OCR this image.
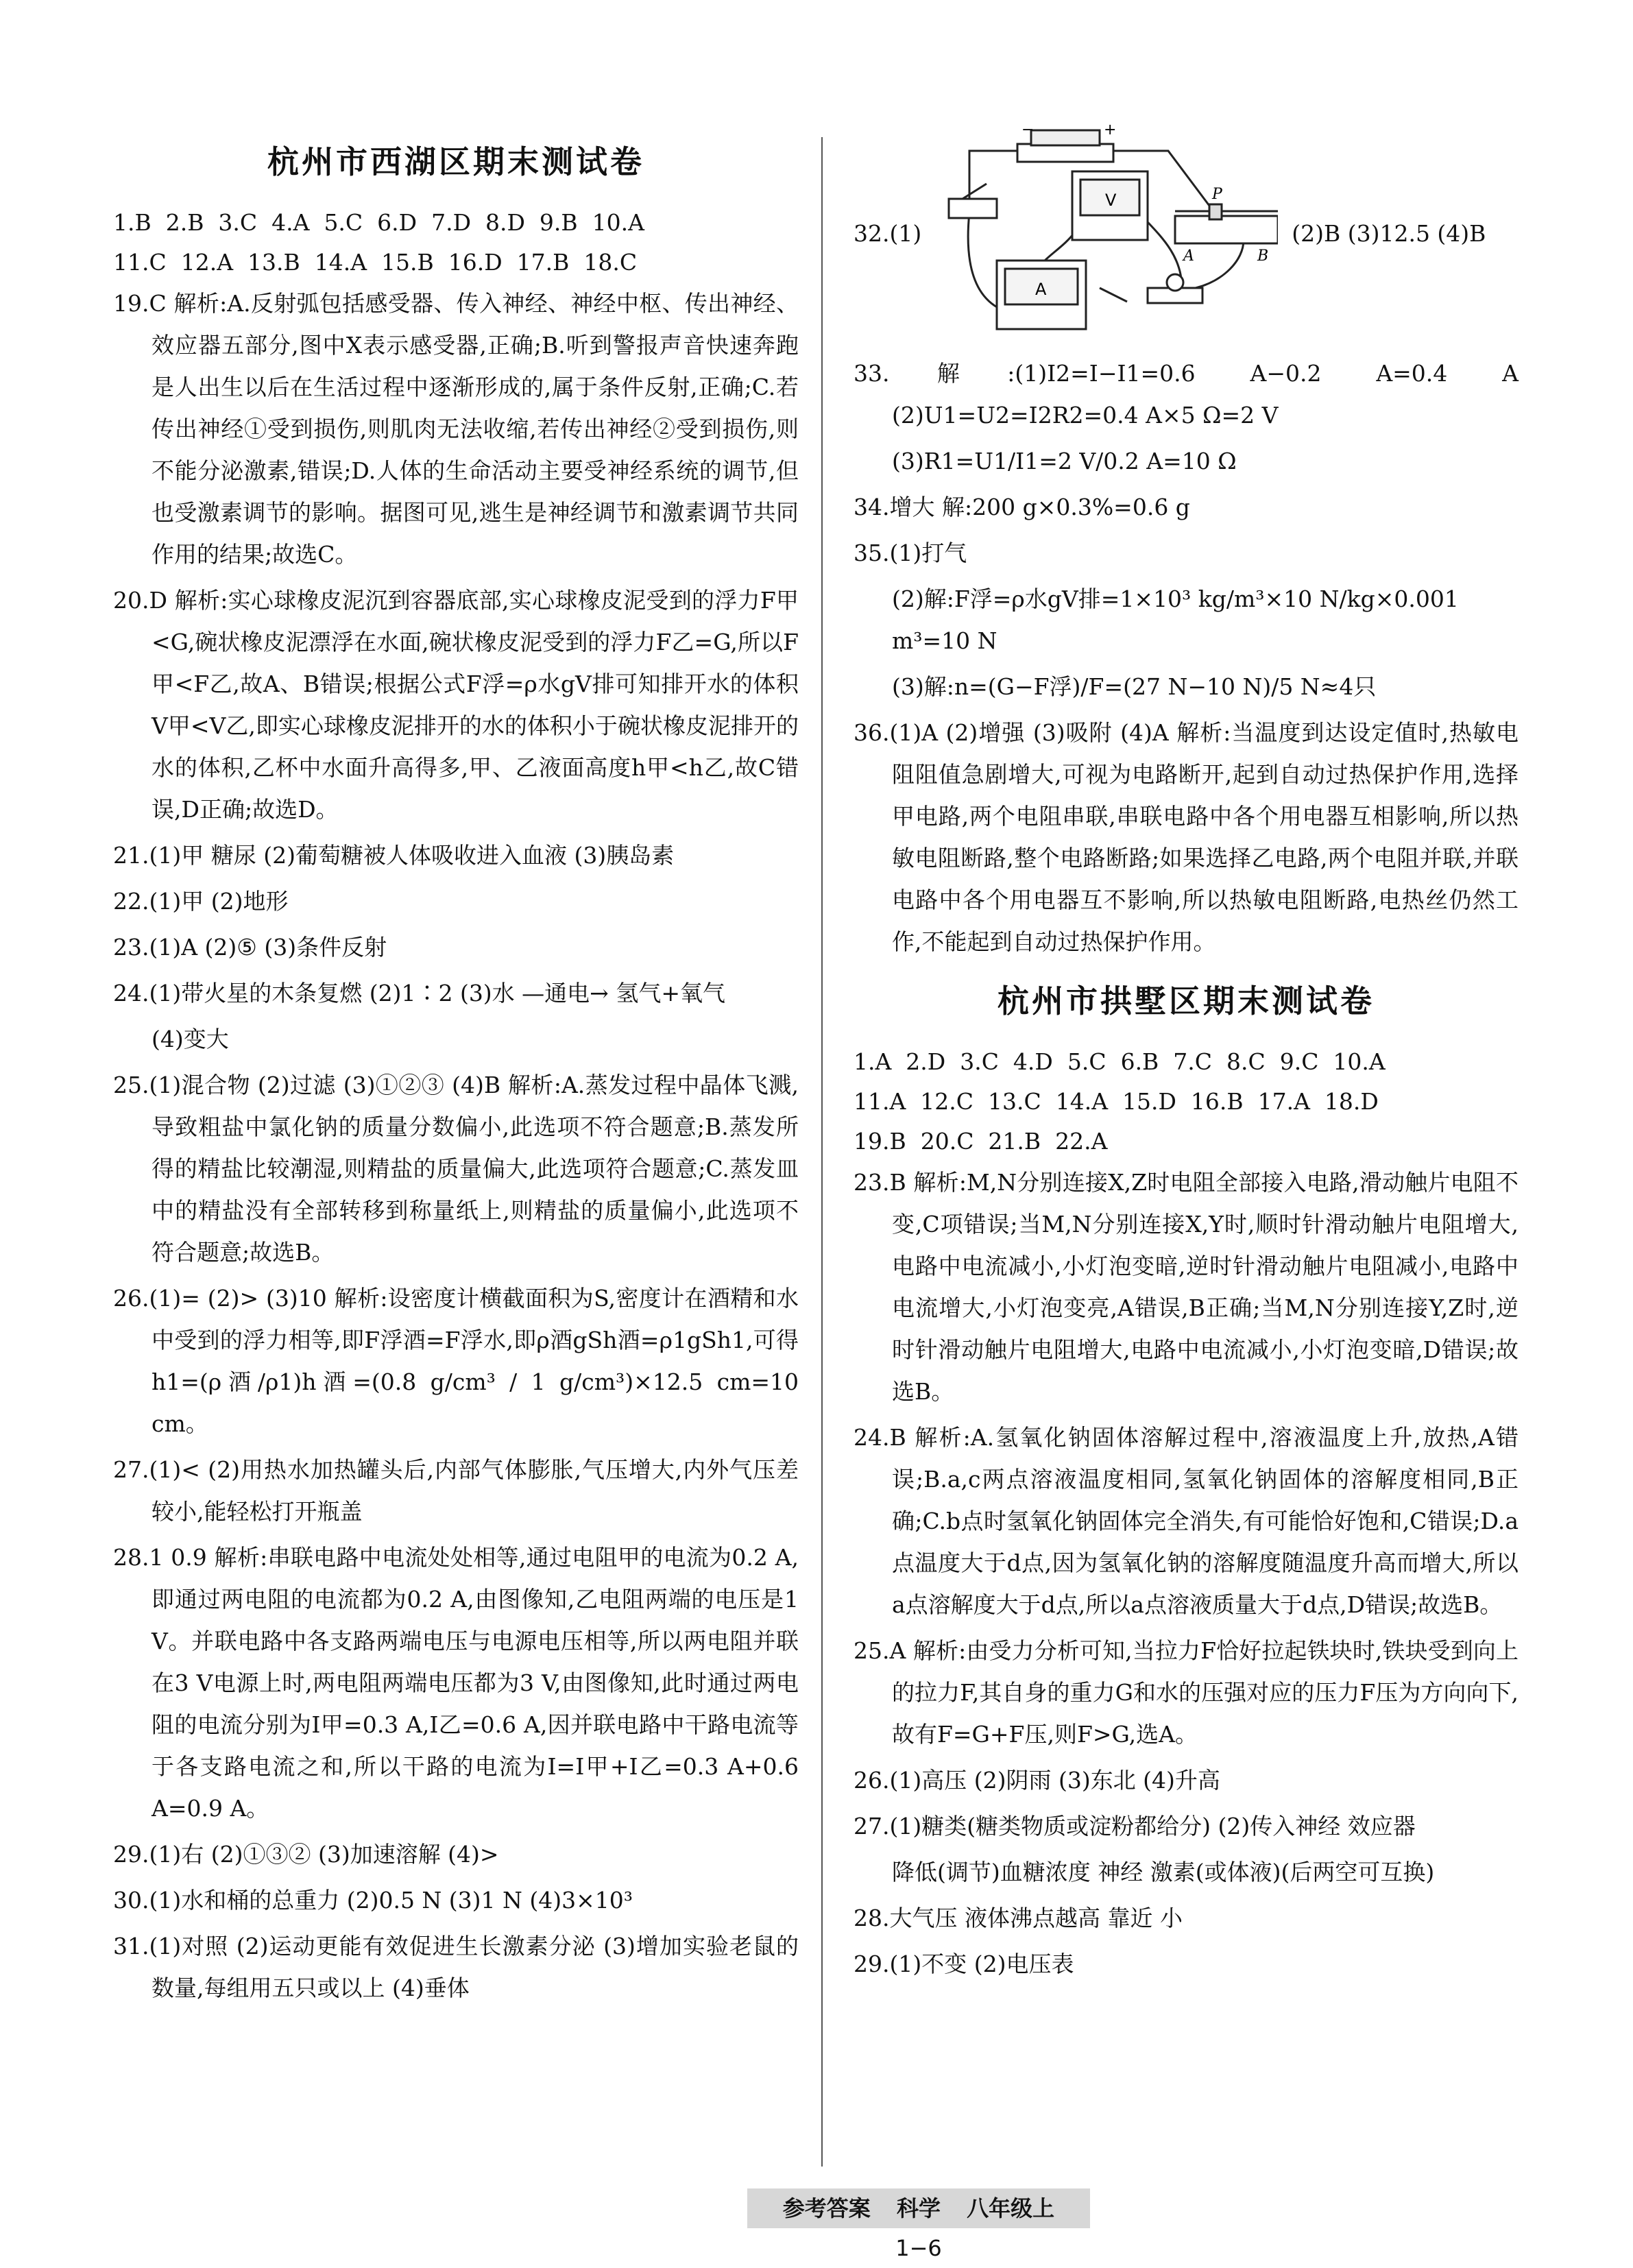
杭州市西湖区期末测试卷

1.B  2.B  3.C  4.A  5.C  6.D  7.D  8.D  9.B  10.A

11.C  12.A  13.B  14.A  15.B  16.D  17.B  18.C

19.C 解析:A.反射弧包括感受器、传入神经、神经中枢、传出神经、效应器五部分,图中X表示感受器,正确;B.听到警报声音快速奔跑是人出生以后在生活过程中逐渐形成的,属于条件反射,正确;C.若传出神经①受到损伤,则肌肉无法收缩,若传出神经②受到损伤,则不能分泌激素,错误;D.人体的生命活动主要受神经系统的调节,但也受激素调节的影响。据图可见,逃生是神经调节和激素调节共同作用的结果;故选C。

20.D 解析:实心球橡皮泥沉到容器底部,实心球橡皮泥受到的浮力F甲<G,碗状橡皮泥漂浮在水面,碗状橡皮泥受到的浮力F乙=G,所以F甲<F乙,故A、B错误;根据公式F浮=ρ水gV排可知排开水的体积V甲<V乙,即实心球橡皮泥排开的水的体积小于碗状橡皮泥排开的水的体积,乙杯中水面升高得多,甲、乙液面高度h甲<h乙,故C错误,D正确;故选D。

21.(1)甲 糖尿 (2)葡萄糖被人体吸收进入血液 (3)胰岛素

22.(1)甲 (2)地形

23.(1)A (2)⑤ (3)条件反射

24.(1)带火星的木条复燃 (2)1∶2 (3)水 —通电→ 氢气+氧气

(4)变大

25.(1)混合物 (2)过滤 (3)①②③ (4)B 解析:A.蒸发过程中晶体飞溅,导致粗盐中氯化钠的质量分数偏小,此选项不符合题意;B.蒸发所得的精盐比较潮湿,则精盐的质量偏大,此选项符合题意;C.蒸发皿中的精盐没有全部转移到称量纸上,则精盐的质量偏小,此选项不符合题意;故选B。

26.(1)= (2)> (3)10 解析:设密度计横截面积为S,密度计在酒精和水中受到的浮力相等,即F浮酒=F浮水,即ρ酒gSh酒=ρ1gSh1,可得h1=(ρ酒/ρ1)h酒=(0.8 g/cm³ / 1 g/cm³)×12.5 cm=10 cm。

27.(1)< (2)用热水加热罐头后,内部气体膨胀,气压增大,内外气压差较小,能轻松打开瓶盖

28.1 0.9 解析:串联电路中电流处处相等,通过电阻甲的电流为0.2 A,即通过两电阻的电流都为0.2 A,由图像知,乙电阻两端的电压是1 V。并联电路中各支路两端电压与电源电压相等,所以两电阻并联在3 V电源上时,两电阻两端电压都为3 V,由图像知,此时通过两电阻的电流分别为I甲=0.3 A,I乙=0.6 A,因并联电路中干路电流等于各支路电流之和,所以干路的电流为I=I甲+I乙=0.3 A+0.6 A=0.9 A。

29.(1)右 (2)①③② (3)加速溶解 (4)>

30.(1)水和桶的总重力 (2)0.5 N (3)1 N (4)3×10³

31.(1)对照 (2)运动更能有效促进生长激素分泌 (3)增加实验老鼠的数量,每组用五只或以上 (4)垂体

32.(1)
+
−
V
A
P
A	B
(2)B (3)12.5 (4)B

33.解:(1)I2=I−I1=0.6 A−0.2 A=0.4 A (2)U1=U2=I2R2=0.4 A×5 Ω=2 V

(3)R1=U1/I1=2 V/0.2 A=10 Ω

34.增大 解:200 g×0.3%=0.6 g

35.(1)打气

(2)解:F浮=ρ水gV排=1×10³ kg/m³×10 N/kg×0.001 m³=10 N

(3)解:n=(G−F浮)/F=(27 N−10 N)/5 N≈4只

36.(1)A (2)增强 (3)吸附 (4)A 解析:当温度到达设定值时,热敏电阻阻值急剧增大,可视为电路断开,起到自动过热保护作用,选择甲电路,两个电阻串联,串联电路中各个用电器互相影响,所以热敏电阻断路,整个电路断路;如果选择乙电路,两个电阻并联,并联电路中各个用电器互不影响,所以热敏电阻断路,电热丝仍然工作,不能起到自动过热保护作用。

杭州市拱墅区期末测试卷

1.A  2.D  3.C  4.D  5.C  6.B  7.C  8.C  9.C  10.A

11.A  12.C  13.C  14.A  15.D  16.B  17.A  18.D

19.B  20.C  21.B  22.A

23.B 解析:M,N分别连接X,Z时电阻全部接入电路,滑动触片电阻不变,C项错误;当M,N分别连接X,Y时,顺时针滑动触片电阻增大,电路中电流减小,小灯泡变暗,逆时针滑动触片电阻减小,电路中电流增大,小灯泡变亮,A错误,B正确;当M,N分别连接Y,Z时,逆时针滑动触片电阻增大,电路中电流减小,小灯泡变暗,D错误;故选B。

24.B 解析:A.氢氧化钠固体溶解过程中,溶液温度上升,放热,A错误;B.a,c两点溶液温度相同,氢氧化钠固体的溶解度相同,B正确;C.b点时氢氧化钠固体完全消失,有可能恰好饱和,C错误;D.a点温度大于d点,因为氢氧化钠的溶解度随温度升高而增大,所以a点溶解度大于d点,所以a点溶液质量大于d点,D错误;故选B。

25.A 解析:由受力分析可知,当拉力F恰好拉起铁块时,铁块受到向上的拉力F,其自身的重力G和水的压强对应的压力F压为方向向下,故有F=G+F压,则F>G,选A。

26.(1)高压 (2)阴雨 (3)东北 (4)升高

27.(1)糖类(糖类物质或淀粉都给分) (2)传入神经 效应器

降低(调节)血糖浓度 神经 激素(或体液)(后两空可互换)

28.大气压 液体沸点越高 靠近 小

29.(1)不变 (2)电压表

参考答案 科学 八年级上 1−6
